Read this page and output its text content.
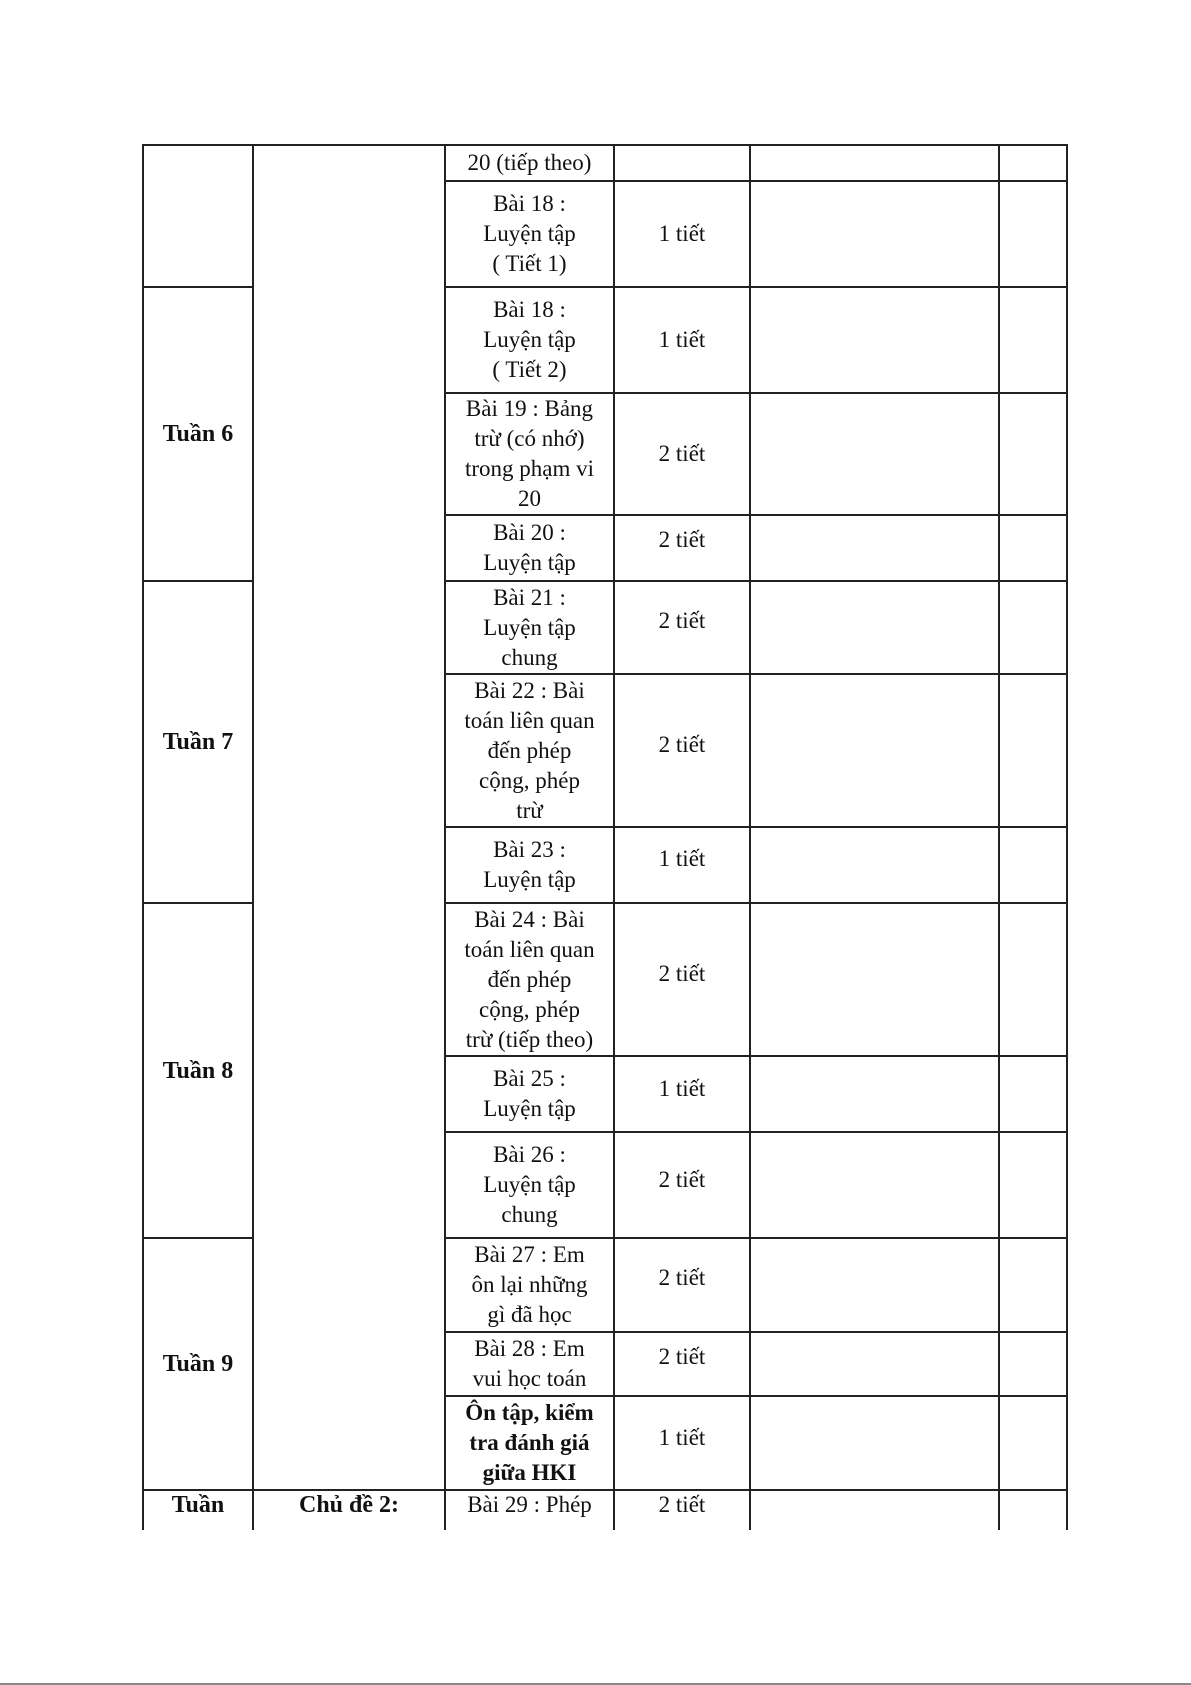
Tuần 6
Tuần 7
Tuần 8
Tuần 9
Tuần	Chủ đề 2:
20 (tiếp theo)
Bài 18 :
Luyện tập
( Tiết 1)
Bài 18 :
Luyện tập
( Tiết 2)
Bài 19 : Bảng
trừ (có nhớ)
trong phạm vi
20
Bài 20 :
Luyện tập
Bài 21 :
Luyện tập
chung
Bài 22 : Bài
toán liên quan
đến phép
cộng, phép
trừ
Bài 23 :
Luyện tập
Bài 24 : Bài
toán liên quan
đến phép
cộng, phép
trừ (tiếp theo)
Bài 25 :
Luyện tập
Bài 26 :
Luyện tập
chung
Bài 27 : Em
ôn lại những
gì đã học
Bài 28 : Em
vui học toán
Ôn tập, kiểm
tra đánh giá
giữa HKI
Bài 29 : Phép
1 tiết
1 tiết
2 tiết
2 tiết
2 tiết
2 tiết
1 tiết
2 tiết
1 tiết
2 tiết
2 tiết
2 tiết
1 tiết
2 tiết
